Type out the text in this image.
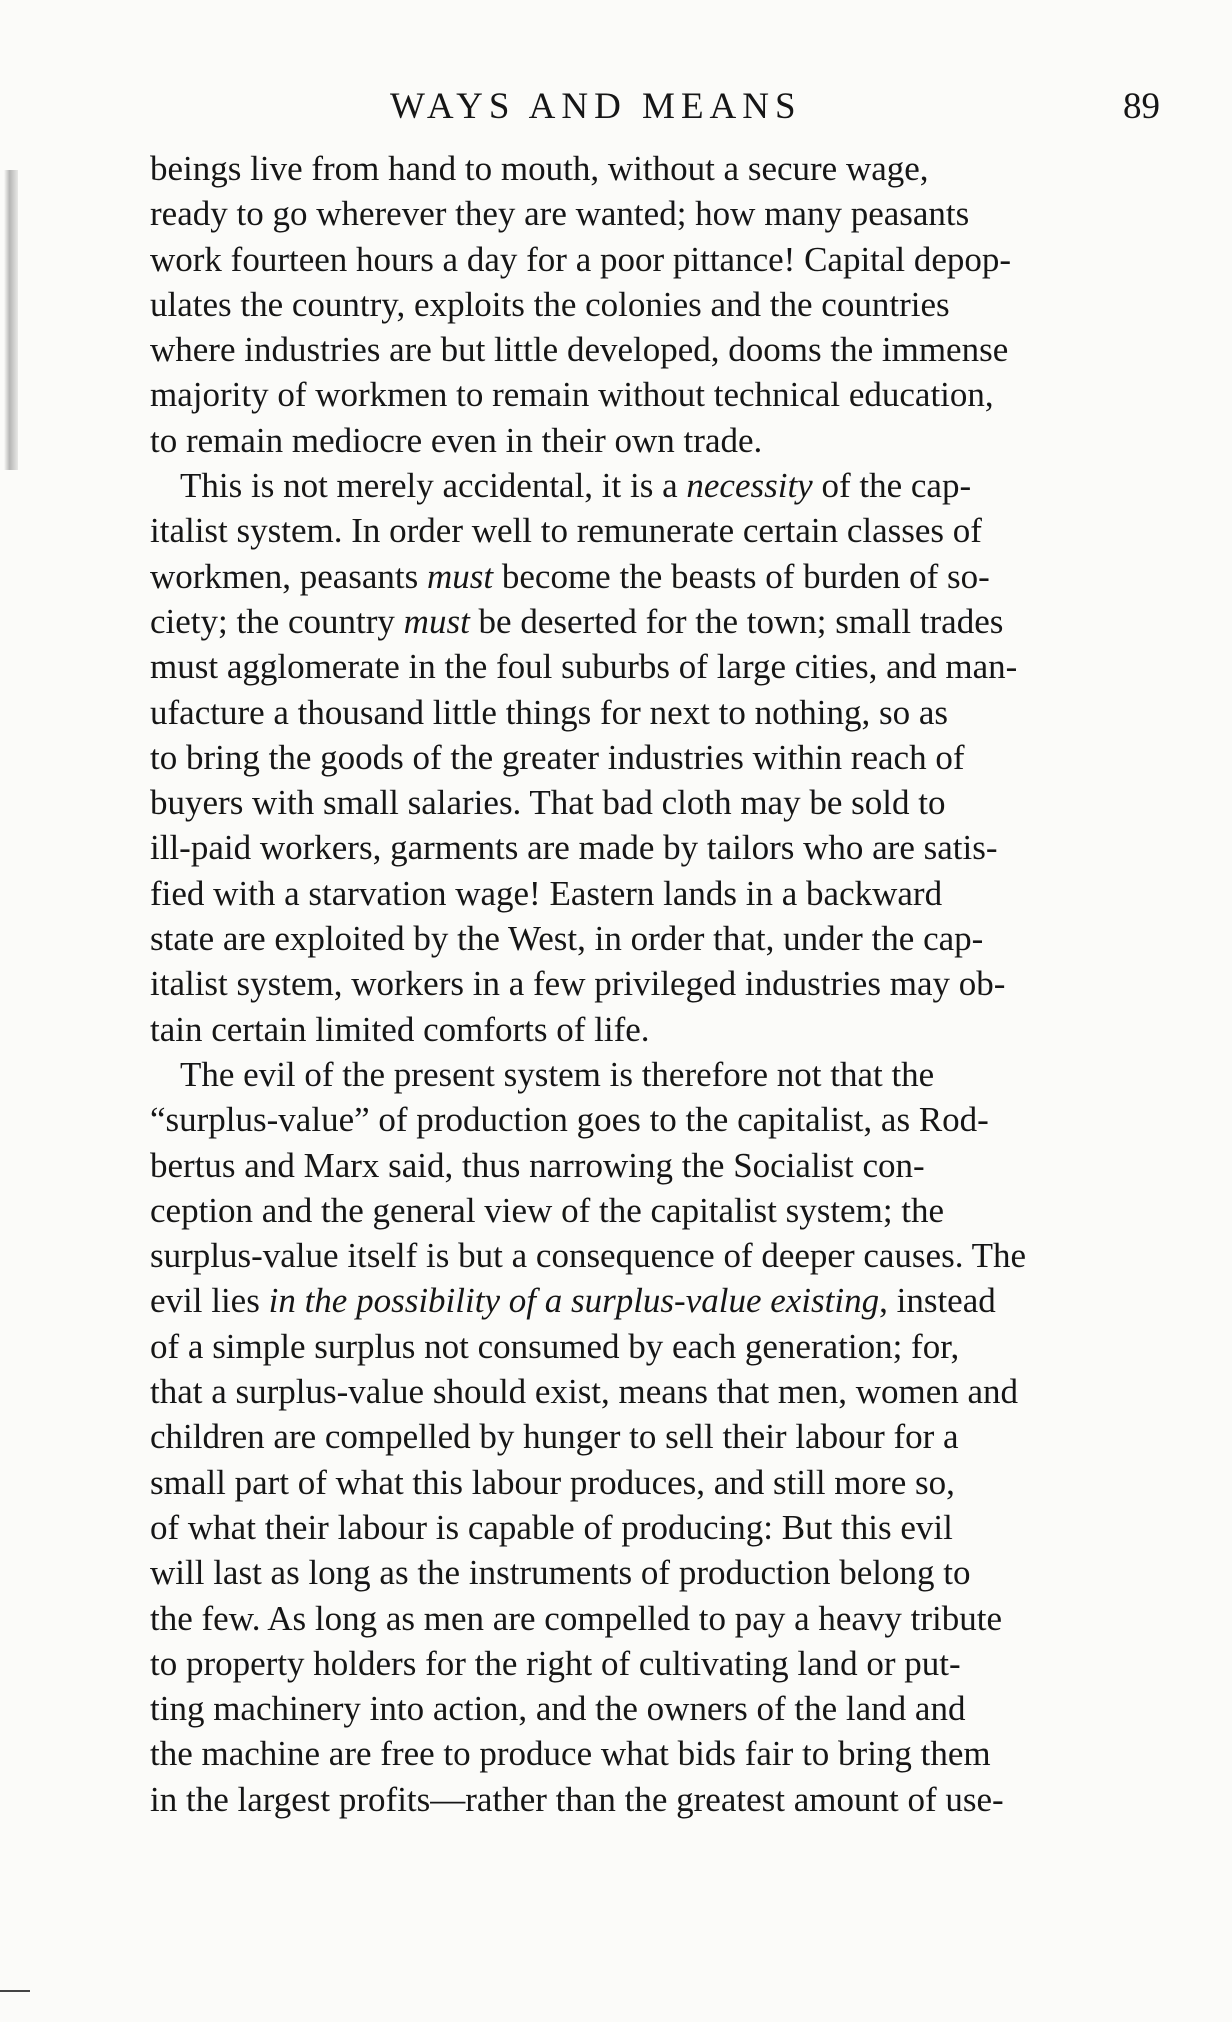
WAYS AND MEANS	89
beings live from hand to mouth, without a secure wage,
ready to go wherever they are wanted; how many peasants
work fourteen hours a day for a poor pittance! Capital depop-
ulates the country, exploits the colonies and the countries
where industries are but little developed, dooms the immense
majority of workmen to remain without technical education,
to remain mediocre even in their own trade.
This is not merely accidental, it is a necessity of the cap-
italist system. In order well to remunerate certain classes of
workmen, peasants must become the beasts of burden of so-
ciety; the country must be deserted for the town; small trades
must agglomerate in the foul suburbs of large cities, and man-
ufacture a thousand little things for next to nothing, so as
to bring the goods of the greater industries within reach of
buyers with small salaries. That bad cloth may be sold to
ill-paid workers, garments are made by tailors who are satis-
fied with a starvation wage! Eastern lands in a backward
state are exploited by the West, in order that, under the cap-
italist system, workers in a few privileged industries may ob-
tain certain limited comforts of life.
The evil of the present system is therefore not that the
“surplus-value” of production goes to the capitalist, as Rod-
bertus and Marx said, thus narrowing the Socialist con-
ception and the general view of the capitalist system; the
surplus-value itself is but a consequence of deeper causes. The
evil lies in the possibility of a surplus-value existing, instead
of a simple surplus not consumed by each generation; for,
that a surplus-value should exist, means that men, women and
children are compelled by hunger to sell their labour for a
small part of what this labour produces, and still more so,
of what their labour is capable of producing: But this evil
will last as long as the instruments of production belong to
the few. As long as men are compelled to pay a heavy tribute
to property holders for the right of cultivating land or put-
ting machinery into action, and the owners of the land and
the machine are free to produce what bids fair to bring them
in the largest profits—rather than the greatest amount of use-
